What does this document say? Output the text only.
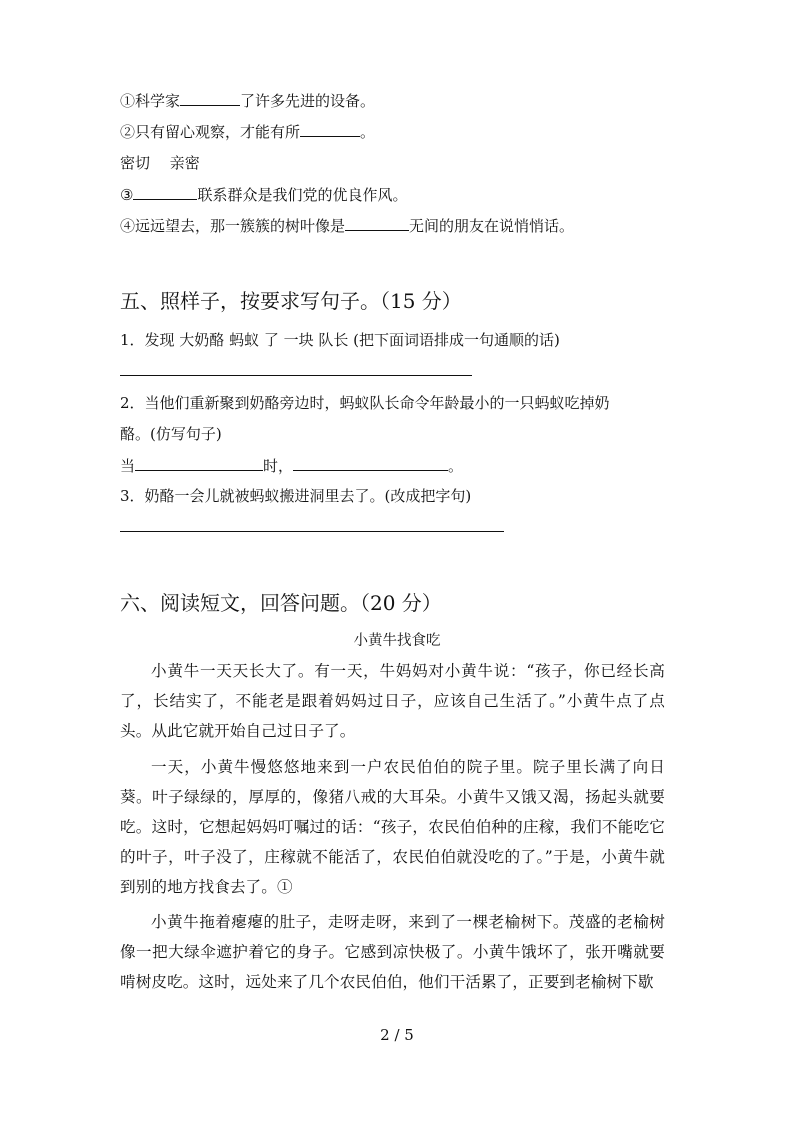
①科学家	了许多先进的设备。
②只有留心观察，才能有所	。
密切　 亲密
③	联系群众是我们党的优良作风。
④远远望去，那一簇簇的树叶像是	无间的朋友在说悄悄话。
五、照样子，按要求写句子。（15 分）
1．发现 大奶酪 蚂蚁 了 一块 队长 (把下面词语排成一句通顺的话)
2．当他们重新聚到奶酪旁边时，蚂蚁队长命令年龄最小的一只蚂蚁吃掉奶
酪。(仿写句子)
当	时，	。
3．奶酪一会儿就被蚂蚁搬进洞里去了。(改成把字句)
六、阅读短文，回答问题。（20 分）
小黄牛找食吃
小黄牛一天天长大了。有一天，牛妈妈对小黄牛说：“孩子，你已经长高了，长结实了，不能老是跟着妈妈过日子，应该自己生活了。”小黄牛点了点头。从此它就开始自己过日子了。
一天，小黄牛慢悠悠地来到一户农民伯伯的院子里。院子里长满了向日葵。叶子绿绿的，厚厚的，像猪八戒的大耳朵。小黄牛又饿又渴，扬起头就要吃。这时，它想起妈妈叮嘱过的话：“孩子，农民伯伯种的庄稼，我们不能吃它的叶子，叶子没了，庄稼就不能活了，农民伯伯就没吃的了。”于是，小黄牛就到别的地方找食去了。①
小黄牛拖着瘪瘪的肚子，走呀走呀，来到了一棵老榆树下。茂盛的老榆树像一把大绿伞遮护着它的身子。它感到凉快极了。小黄牛饿坏了，张开嘴就要啃树皮吃。这时，远处来了几个农民伯伯，他们干活累了，正要到老榆树下歇
2 / 5
